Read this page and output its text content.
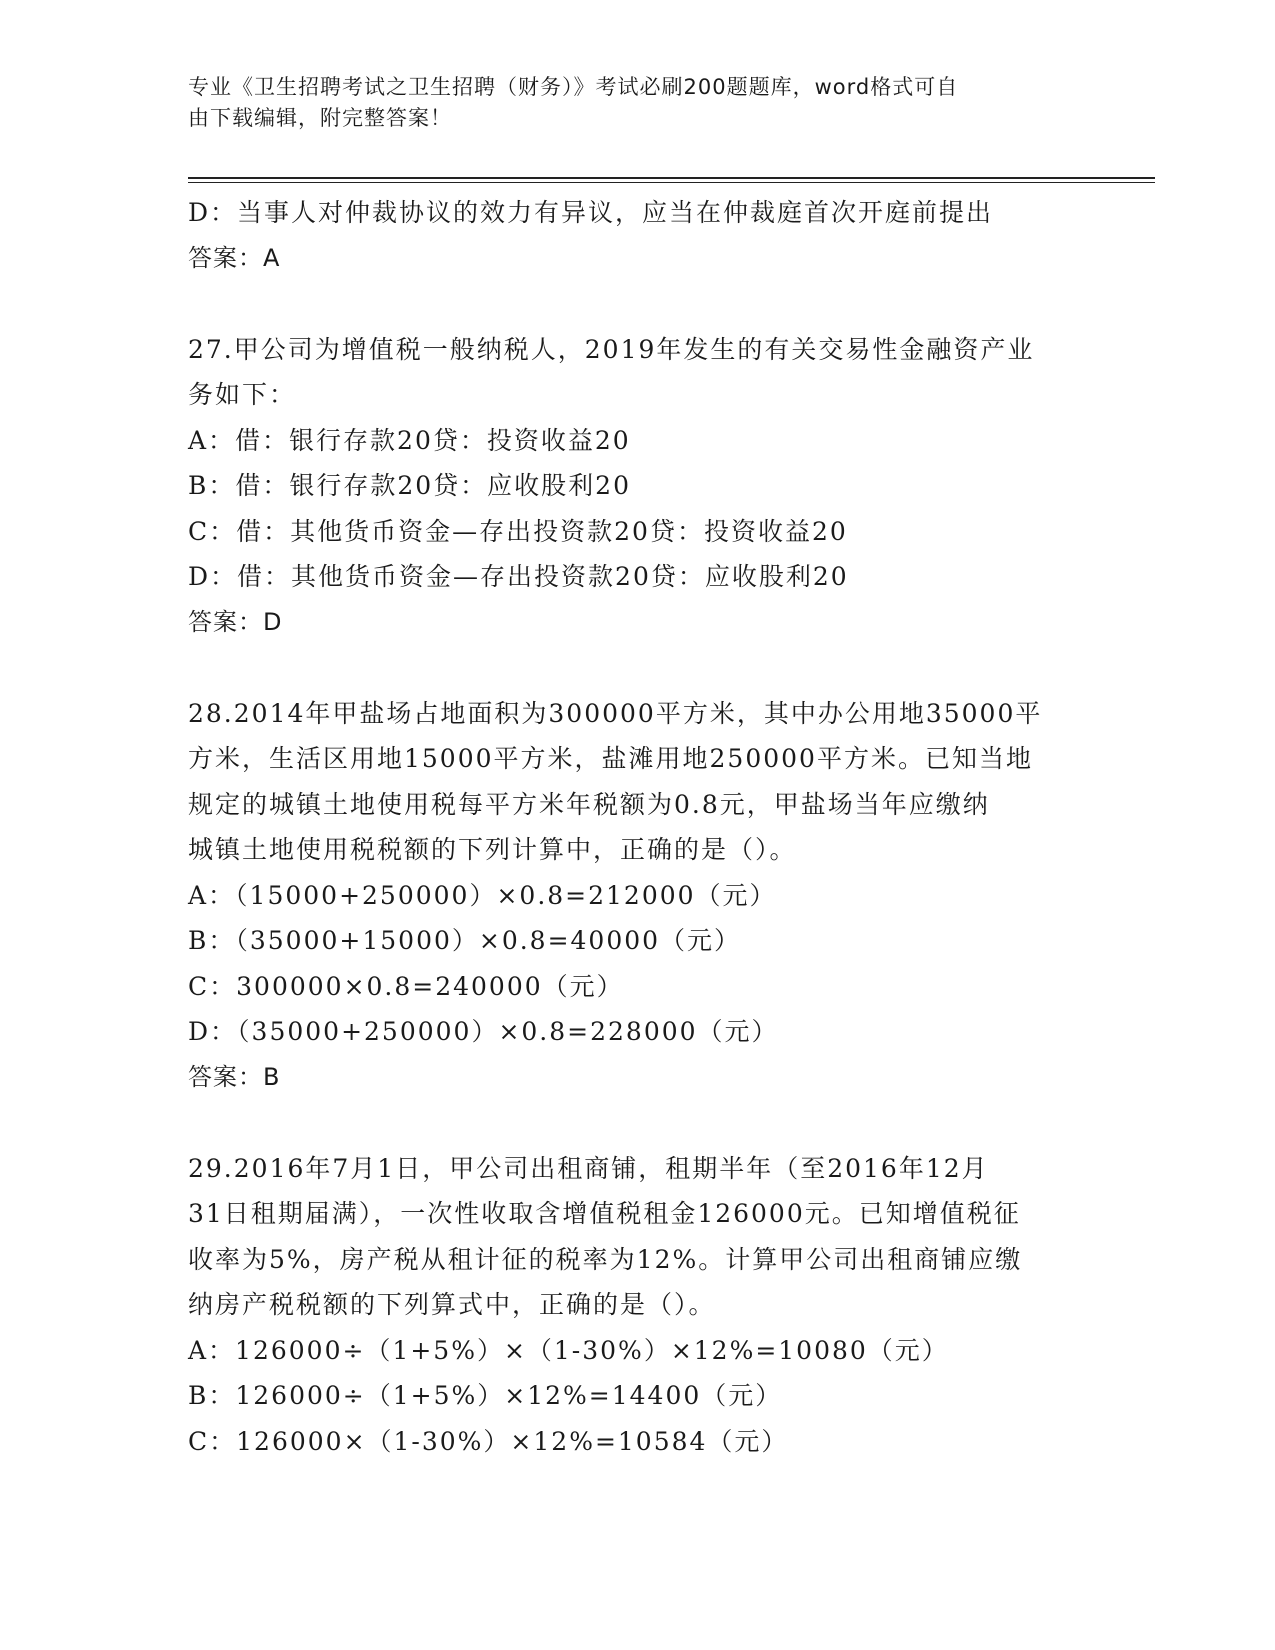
专业《卫生招聘考试之卫生招聘（财务）》考试必刷200题题库，word格式可自
由下载编辑，附完整答案！
D：当事人对仲裁协议的效力有异议，应当在仲裁庭首次开庭前提出
答案：A
27.甲公司为增值税一般纳税人，2019年发生的有关交易性金融资产业
务如下：
A：借：银行存款20贷：投资收益20
B：借：银行存款20贷：应收股利20
C：借：其他货币资金—存出投资款20贷：投资收益20
D：借：其他货币资金—存出投资款20贷：应收股利20
答案：D
28.2014年甲盐场占地面积为300000平方米，其中办公用地35000平
方米，生活区用地15000平方米，盐滩用地250000平方米。已知当地
规定的城镇土地使用税每平方米年税额为0.8元，甲盐场当年应缴纳
城镇土地使用税税额的下列计算中，正确的是（）。
A：（15000+250000）×0.8=212000（元）
B：（35000+15000）×0.8=40000（元）
C：300000×0.8=240000（元）
D：（35000+250000）×0.8=228000（元）
答案：B
29.2016年7月1日，甲公司出租商铺，租期半年（至2016年12月
31日租期届满），一次性收取含增值税租金126000元。已知增值税征
收率为5%，房产税从租计征的税率为12%。计算甲公司出租商铺应缴
纳房产税税额的下列算式中，正确的是（）。
A：126000÷（1+5%）×（1-30%）×12%=10080（元）
B：126000÷（1+5%）×12%=14400（元）
C：126000×（1-30%）×12%=10584（元）
